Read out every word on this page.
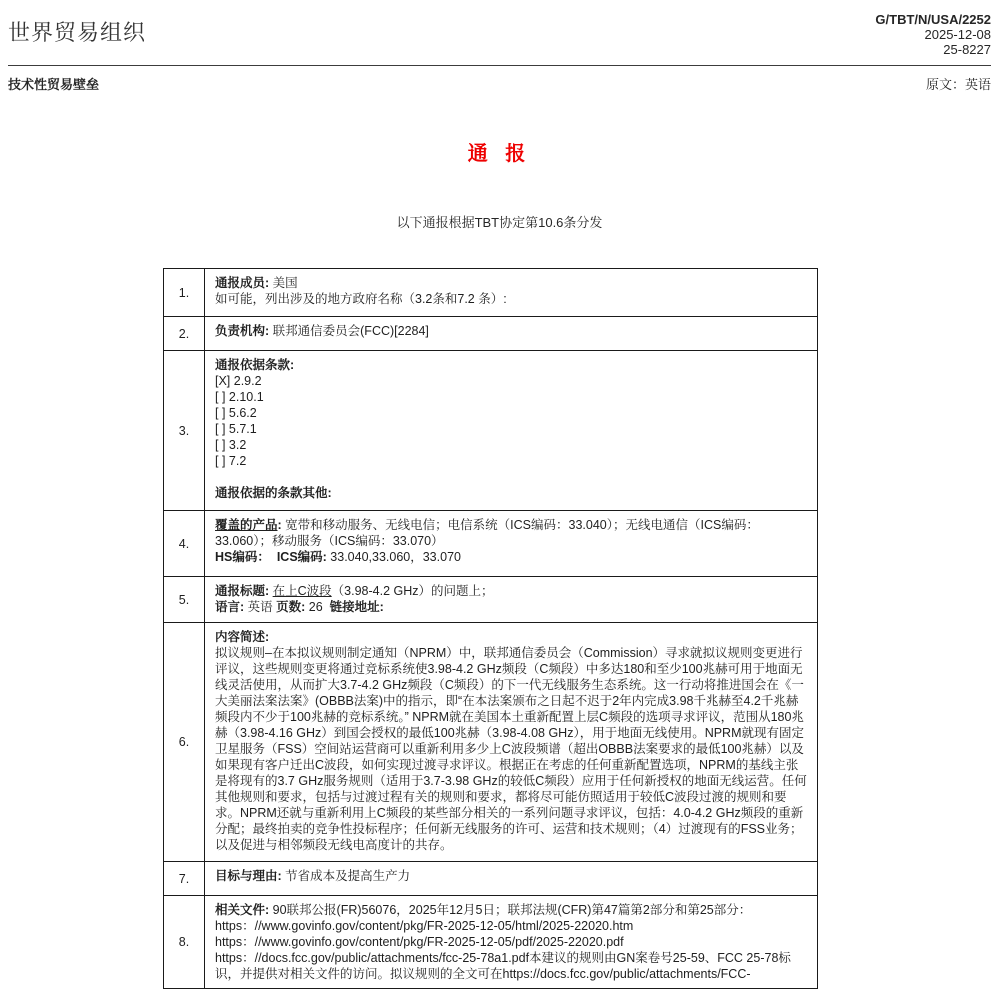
世界贸易组织
G/TBT/N/USA/2252
2025-12-08
25-8227
技术性贸易壁垒	原文：英语
通 报
以下通报根据TBT协定第10.6条分发
1.	通报成员: 美国
如可能，列出涉及的地方政府名称（3.2条和7.2 条）:

2.	负责机构: 联邦通信委员会(FCC)[2284]

3.	
通报依据条款:
[X] 2.9.2
[ ] 2.10.1
[ ] 5.6.2
[ ] 5.7.1
[ ] 3.2
[ ] 7.2

通报依据的条款其他:

4.	覆盖的产品: 宽带和移动服务、无线电信；电信系统（ICS编码：33.040）；无线电通信（ICS编码：33.060）；移动服务（ICS编码：33.070）
HS编码：  ICS编码: 33.040,33.060，33.070

5.	通报标题: 在上C波段（3.98-4.2 GHz）的问题上；
语言: 英语 页数: 26  链接地址:

6.	内容简述:
拟议规则–在本拟议规则制定通知（NPRM）中，联邦通信委员会（Commission）寻求就拟议规则变更进行评议，这些规则变更将通过竞标系统使3.98-4.2 GHz频段（C频段）中多达180和至少100兆赫可用于地面无线灵活使用，从而扩大3.7-4.2 GHz频段（C频段）的下一代无线服务生态系统。这一行动将推进国会在《一大美丽法案法案》(OBBB法案)中的指示，即“在本法案颁布之日起不迟于2年内完成3.98千兆赫至4.2千兆赫频段内不少于100兆赫的竞标系统。” NPRM就在美国本土重新配置上层C频段的选项寻求评议，范围从180兆赫（3.98-4.16 GHz）到国会授权的最低100兆赫（3.98-4.08 GHz），用于地面无线使用。NPRM就现有固定卫星服务（FSS）空间站运营商可以重新利用多少上C波段频谱（超出OBBB法案要求的最低100兆赫）以及如果现有客户迁出C波段，如何实现过渡寻求评议。根据正在考虑的任何重新配置选项，NPRM的基线主张是将现有的3.7 GHz服务规则（适用于3.7-3.98 GHz的较低C频段）应用于任何新授权的地面无线运营。任何其他规则和要求，包括与过渡过程有关的规则和要求，都将尽可能仿照适用于较低C波段过渡的规则和要求。NPRM还就与重新利用上C频段的某些部分相关的一系列问题寻求评议，包括：4.0-4.2 GHz频段的重新分配；最终拍卖的竞争性投标程序；任何新无线服务的许可、运营和技术规则；（4）过渡现有的FSS业务；以及促进与相邻频段无线电高度计的共存。

7.	目标与理由: 节省成本及提高生产力

8.	相关文件: 90联邦公报(FR)56076，2025年12月5日；联邦法规(CFR)第47篇第2部分和第25部分：
https：//www.govinfo.gov/content/pkg/FR-2025-12-05/html/2025-22020.htm
https：//www.govinfo.gov/content/pkg/FR-2025-12-05/pdf/2025-22020.pdf
https：//docs.fcc.gov/public/attachments/fcc-25-78a1.pdf本建议的规则由GN案卷号25-59、FCC 25-78标识，并提供对相关文件的访问。拟议规则的全文可在https://docs.fcc.gov/public/attachments/FCC-
